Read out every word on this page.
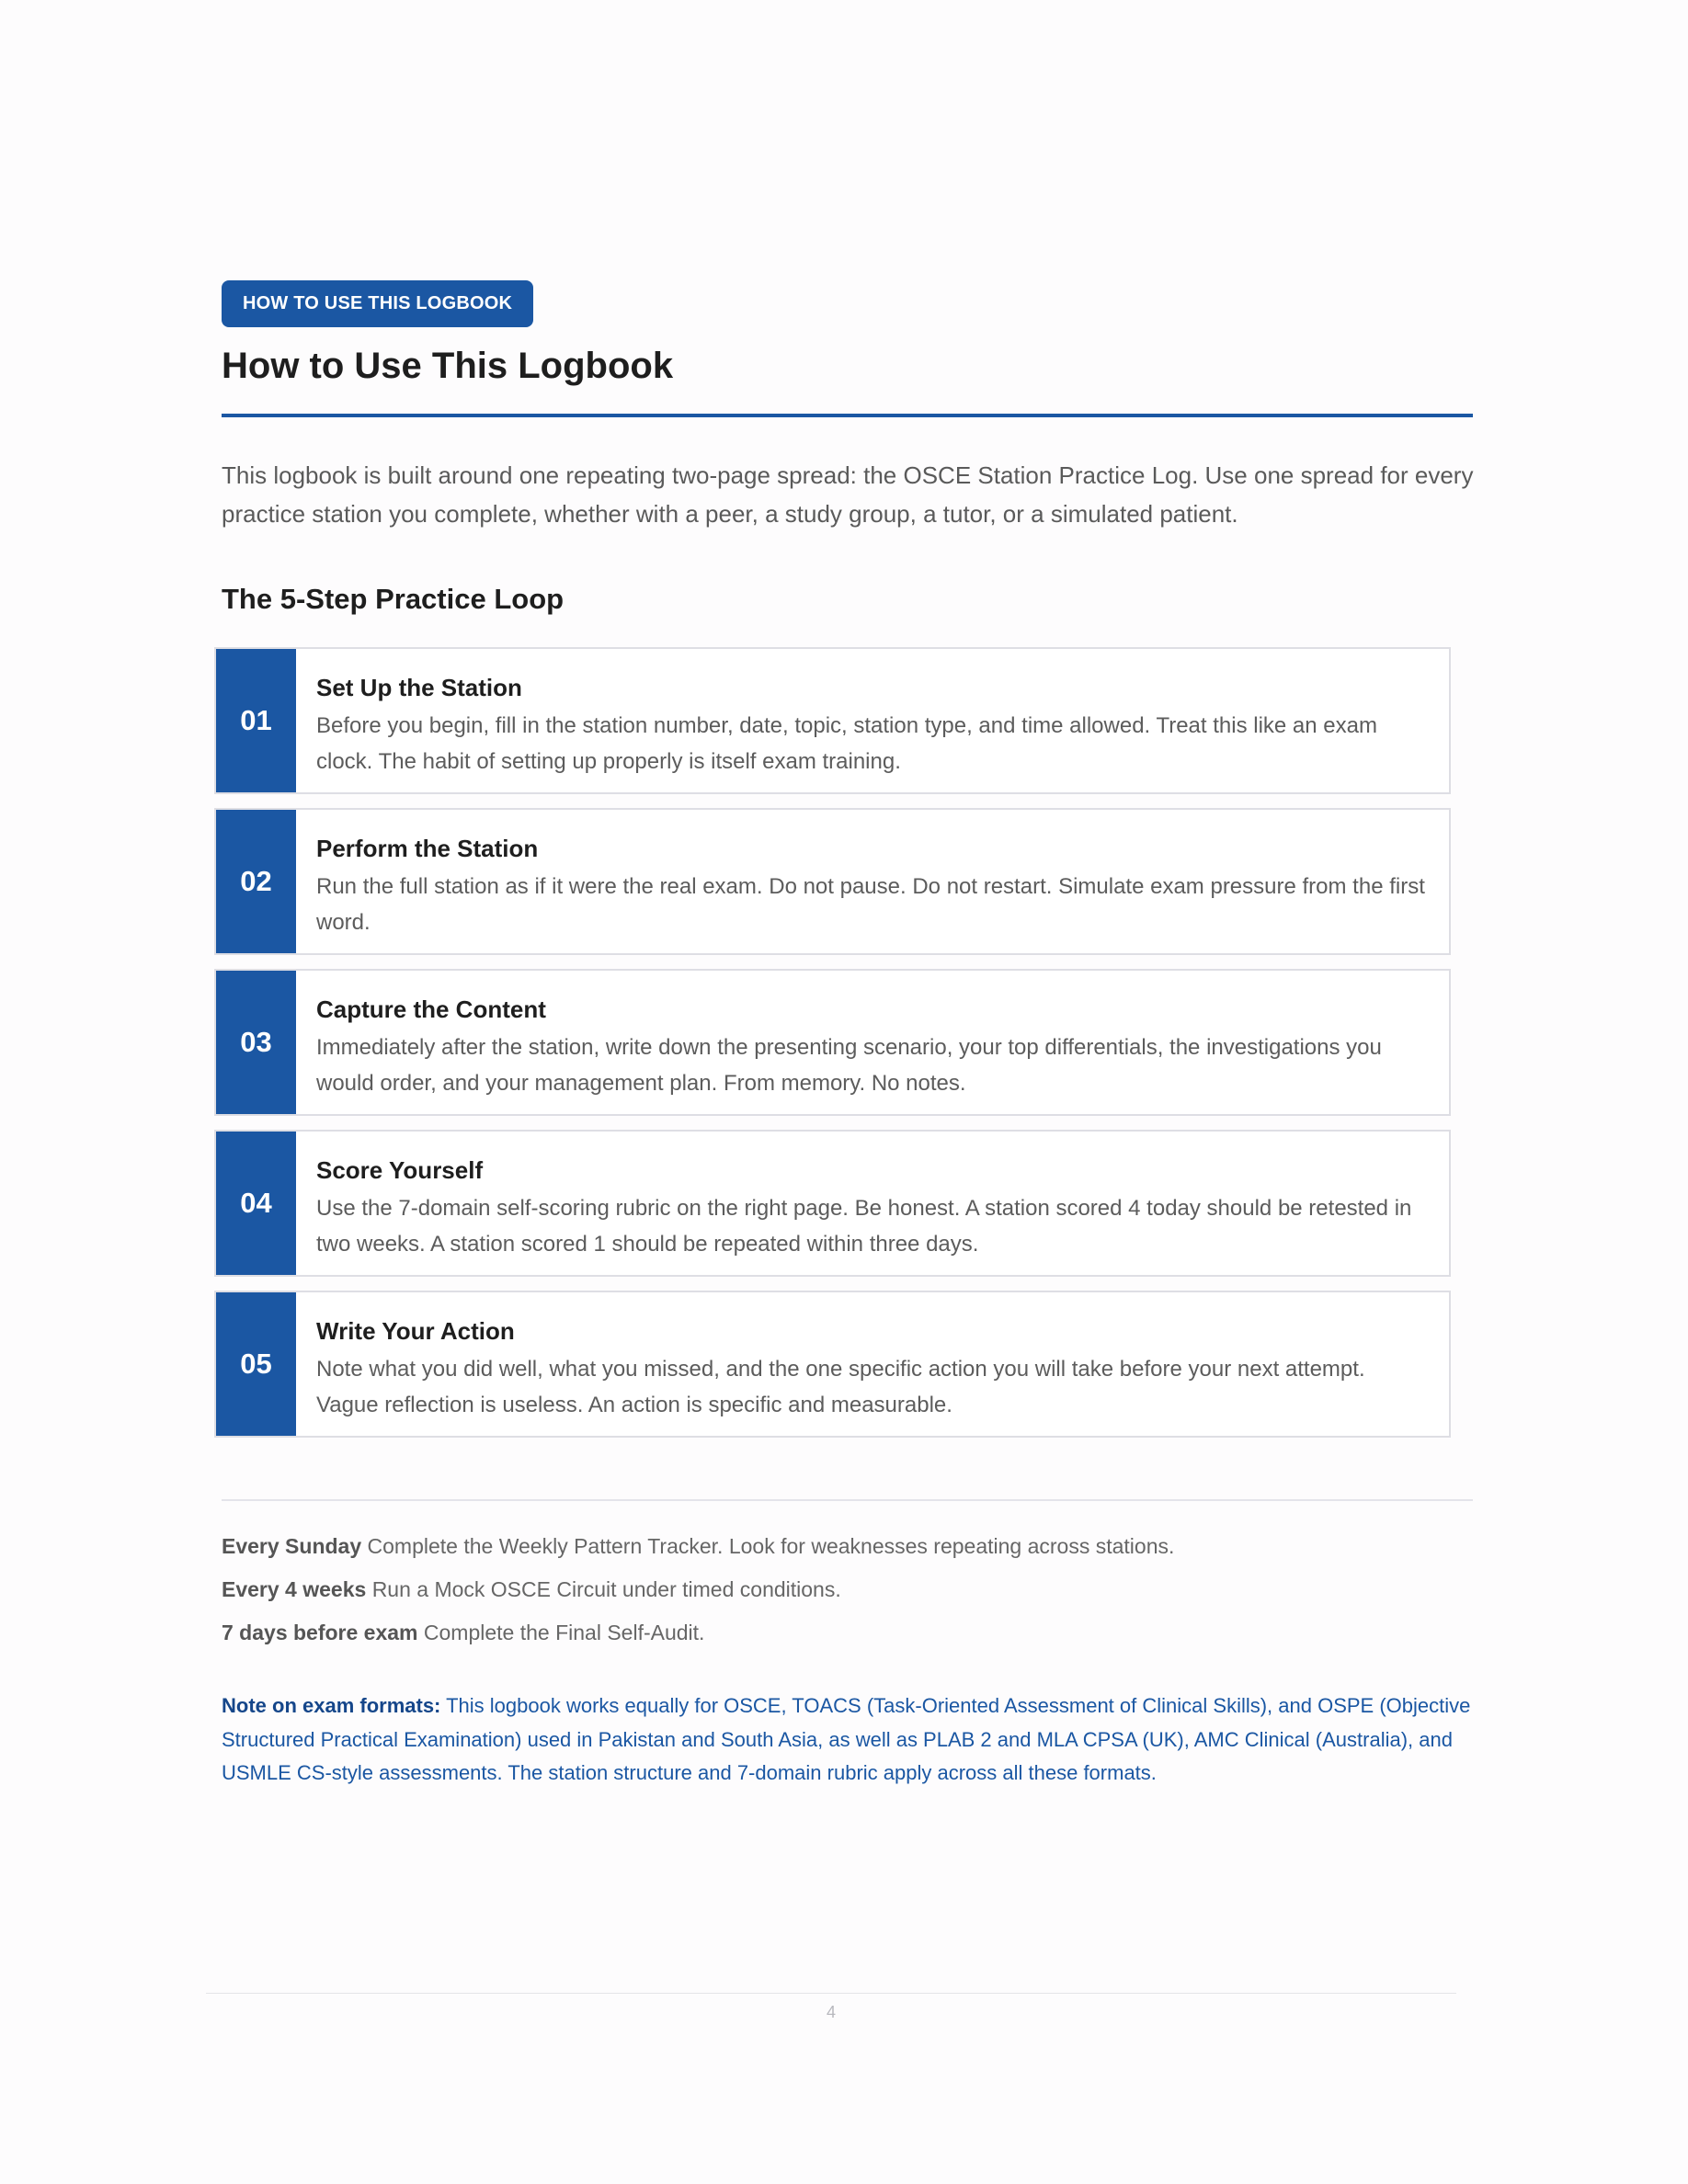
HOW TO USE THIS LOGBOOK
How to Use This Logbook

This logbook is built around one repeating two-page spread: the OSCE Station Practice Log. Use one spread for every practice station you complete, whether with a peer, a study group, a tutor, or a simulated patient.

The 5-Step Practice Loop
01
Set Up the Station
Before you begin, fill in the station number, date, topic, station type, and time allowed. Treat this like an exam clock. The habit of setting up properly is itself exam training.
02
Perform the Station
Run the full station as if it were the real exam. Do not pause. Do not restart. Simulate exam pressure from the first word.
03
Capture the Content
Immediately after the station, write down the presenting scenario, your top differentials, the investigations you would order, and your management plan. From memory. No notes.
04
Score Yourself
Use the 7-domain self-scoring rubric on the right page. Be honest. A station scored 4 today should be retested in two weeks. A station scored 1 should be repeated within three days.
05
Write Your Action
Note what you did well, what you missed, and the one specific action you will take before your next attempt. Vague reflection is useless. An action is specific and measurable.
Every Sunday Complete the Weekly Pattern Tracker. Look for weaknesses repeating across stations.
Every 4 weeks Run a Mock OSCE Circuit under timed conditions.
7 days before exam Complete the Final Self-Audit.

Note on exam formats: This logbook works equally for OSCE, TOACS (Task-Oriented Assessment of Clinical Skills), and OSPE (Objective Structured Practical Examination) used in Pakistan and South Asia, as well as PLAB 2 and MLA CPSA (UK), AMC Clinical (Australia), and USMLE CS-style assessments. The station structure and 7-domain rubric apply across all these formats.

4
